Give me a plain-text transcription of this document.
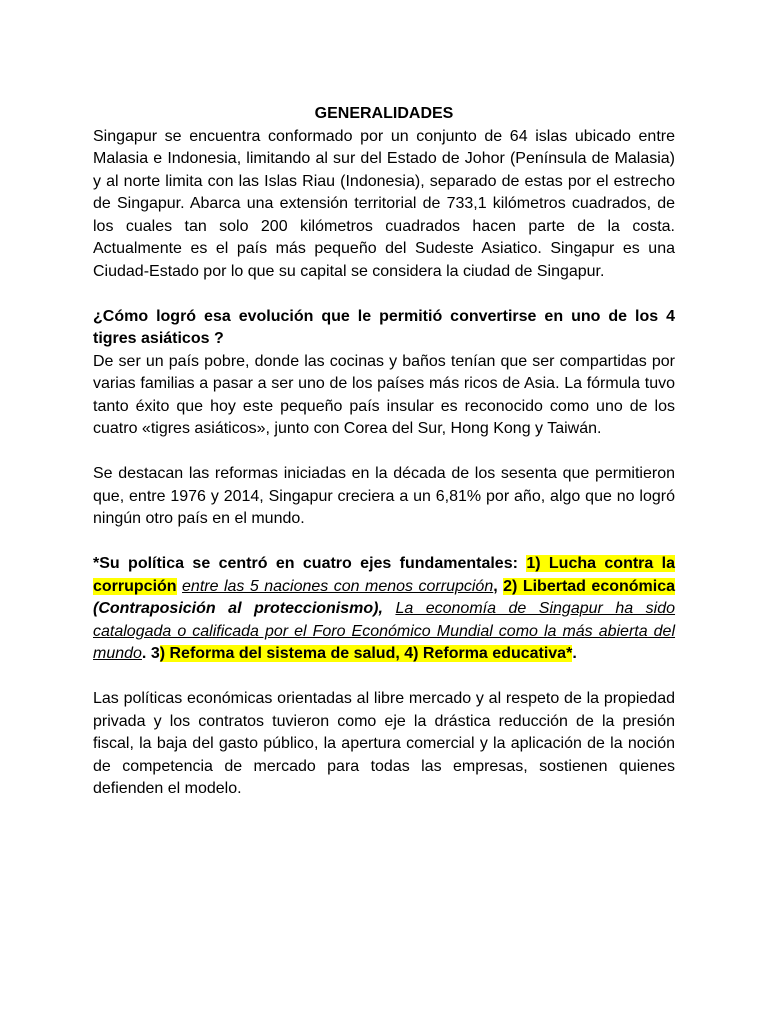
GENERALIDADES

Singapur se encuentra conformado por un conjunto de 64 islas ubicado entre Malasia e Indonesia, limitando al sur del Estado de Johor (Península de Malasia) y al norte limita con las Islas Riau (Indonesia), separado de estas por el estrecho de Singapur. Abarca una extensión territorial de 733,1 kilómetros cuadrados, de los cuales tan solo 200 kilómetros cuadrados hacen parte de la costa. Actualmente es el país más pequeño del Sudeste Asiatico. Singapur es una Ciudad-Estado por lo que su capital se considera la ciudad de Singapur.

¿Cómo logró esa evolución que le permitió convertirse en uno de los 4 tigres asiáticos ?

De ser un país pobre, donde las cocinas y baños tenían que ser compartidas por varias familias a pasar a ser uno de los países más ricos de Asia. La fórmula tuvo tanto éxito que hoy este pequeño país insular es reconocido como uno de los cuatro «tigres asiáticos», junto con Corea del Sur, Hong Kong y Taiwán.

Se destacan las reformas iniciadas en la década de los sesenta que permitieron que, entre 1976 y 2014, Singapur creciera a un 6,81% por año, algo que no logró ningún otro país en el mundo.

*Su política se centró en cuatro ejes fundamentales: 1) Lucha contra la corrupción entre las 5 naciones con menos corrupción, 2) Libertad económica (Contraposición al proteccionismo), La economía de Singapur ha sido catalogada o calificada por el Foro Económico Mundial como la más abierta del mundo. 3) Reforma del sistema de salud, 4) Reforma educativa*.

Las políticas económicas orientadas al libre mercado y al respeto de la propiedad privada y los contratos tuvieron como eje la drástica reducción de la presión fiscal, la baja del gasto público, la apertura comercial y la aplicación de la noción de competencia de mercado para todas las empresas, sostienen quienes defienden el modelo.
